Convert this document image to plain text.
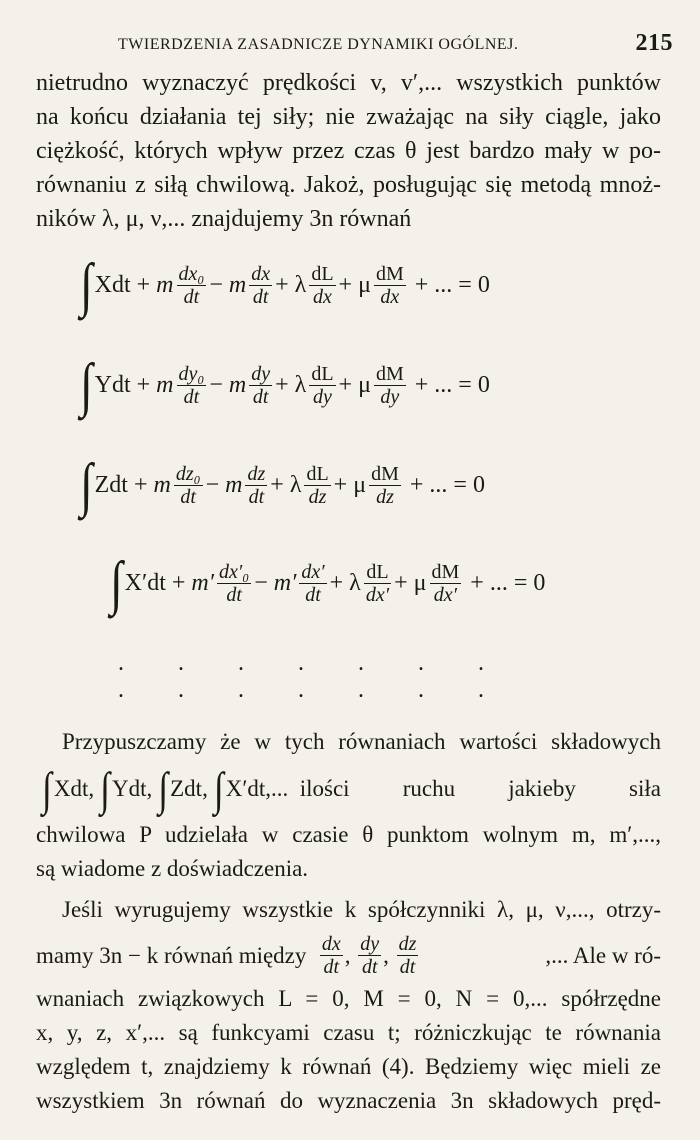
TWIERDZENIA ZASADNICZE DYNAMIKI OGÓLNEJ.	215
nietrudno wyznaczyć prędkości v, v′,... wszystkich punktów
na końcu działania tej siły; nie zważając na siły ciągle, jako
ciężkość, których wpływ przez czas θ jest bardzo mały w po-
równaniu z siłą chwilową. Jakoż, posługując się metodą mnoż-
ników λ, μ, ν,... znajdujemy 3n równań
∫ Xdt
+
m $\frac{\text{dx₀}}{dt}$ −
m $\frac{dx}{dt}$ +
λ $\frac{dL}{dx}$ +
μ $\frac{dM}{dx}$
+ ... = 0
∫ Ydt
+
m $\frac{\text{dy₀}}{dt}$ −
m $\frac{dy}{dt}$ +
λ $\frac{dL}{dy}$ +
μ $\frac{dM}{dy}$
+ ... = 0
∫ Zdt
+
m $\frac{\text{dz₀}}{dt}$ −
m $\frac{dz}{dt}$ +
λ $\frac{dL}{dz}$ +
μ $\frac{dM}{dz}$
+ ... = 0
∫ X′dt
+
$m' \frac{\text{dx′₀}}{dt}$ −
$m' \frac{dx'}{dt}$ +
λ $\frac{dL}{dx'}$ +
μ $\frac{dM}{dx'}$
+ ... = 0
. . . . . . . . . . . . . .
Przypuszczamy że w tych równaniach wartości składowych
∫ Xdt, ∫ Ydt, ∫ Zdt, ∫ X′dt,...
ilości ruchu jakieby siła
chwilowa P udzielała w czasie θ punktom wolnym m, m′,...,
są wiadome z doświadczenia.
Jeśli wyrugujemy wszystkie k spółczynniki λ, μ, ν,..., otrzy-
mamy 3n − k równań między
$\frac{dx}{dt}$ , $\frac{dy}{dt}$ , $\frac{dz}{dt}$	,... Ale w ró-
wnaniach związkowych L = 0, M = 0, N = 0,... spółrzędne
x, y, z, x′,... są funkcyami czasu t; różniczkując te równania
względem t, znajdziemy k równań (4). Będziemy więc mieli ze
wszystkiem 3n równań do wyznaczenia 3n składowych pręd-
